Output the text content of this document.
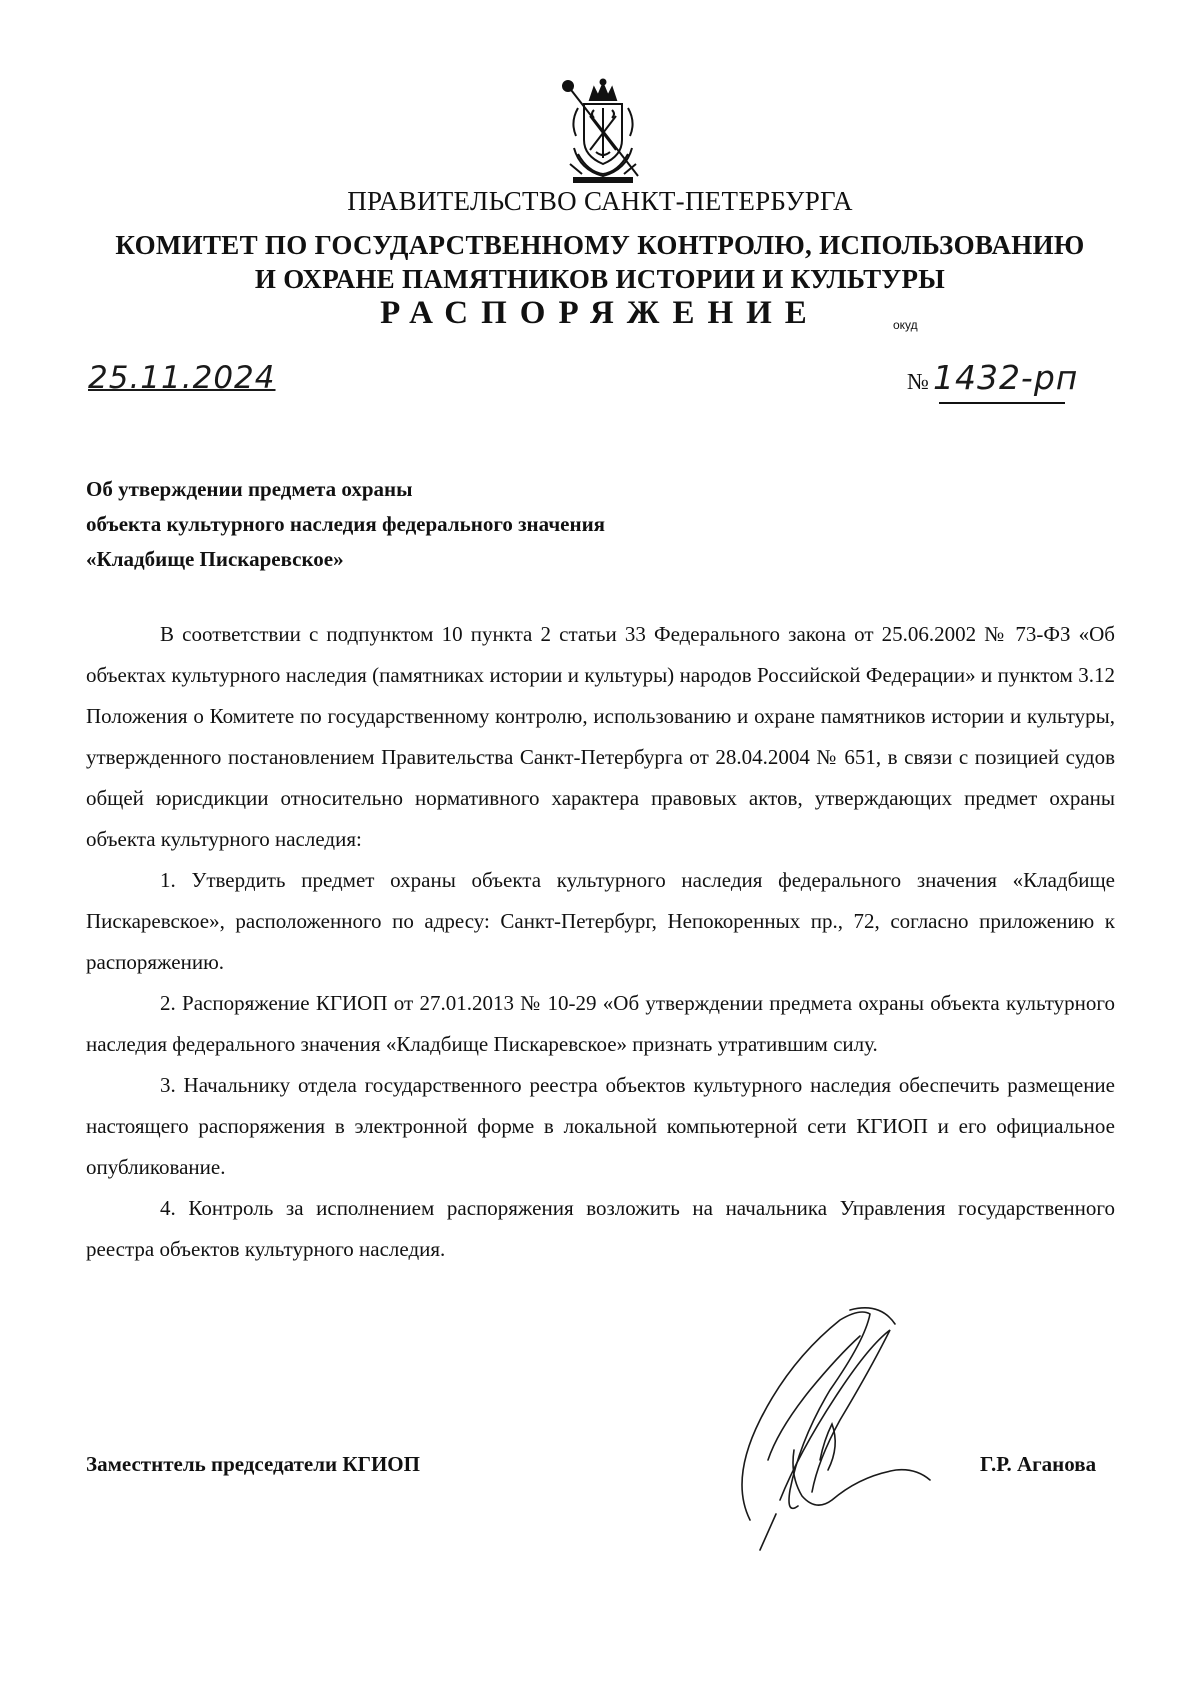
ПРАВИТЕЛЬСТВО САНКТ-ПЕТЕРБУРГА
КОМИТЕТ ПО ГОСУДАРСТВЕННОМУ КОНТРОЛЮ, ИСПОЛЬЗОВАНИЮ
И ОХРАНЕ ПАМЯТНИКОВ ИСТОРИИ И КУЛЬТУРЫ
РАСПОРЯЖЕНИЕ	окуд
25.11.2024	№ 1432-рп
Об утверждении предмета охраны
объекта культурного наследия федерального значения
«Кладбище Пискаревское»

В соответствии с подпунктом 10 пункта 2 статьи 33 Федерального закона от 25.06.2002 № 73-ФЗ «Об объектах культурного наследия (памятниках истории и культуры) народов Российской Федерации» и пунктом 3.12 Положения о Комитете по государственному контролю, использованию и охране памятников истории и культуры, утвержденного постановлением Правительства Санкт-Петербурга от 28.04.2004 № 651, в связи с позицией судов общей юрисдикции относительно нормативного характера правовых актов, утверждающих предмет охраны объекта культурного наследия:

1. Утвердить предмет охраны объекта культурного наследия федерального значения «Кладбище Пискаревское», расположенного по адресу: Санкт-Петербург, Непокоренных пр., 72, согласно приложению к распоряжению.

2. Распоряжение КГИОП от 27.01.2013 № 10-29 «Об утверждении предмета охраны объекта культурного наследия федерального значения «Кладбище Пискаревское» признать утратившим силу.

3. Начальнику отдела государственного реестра объектов культурного наследия обеспечить размещение настоящего распоряжения в электронной форме в локальной компьютерной сети КГИОП и его официальное опубликование.

4. Контроль за исполнением распоряжения возложить на начальника Управления государственного реестра объектов культурного наследия.

Заместнтель председатели КГИОП	Г.Р. Аганова
